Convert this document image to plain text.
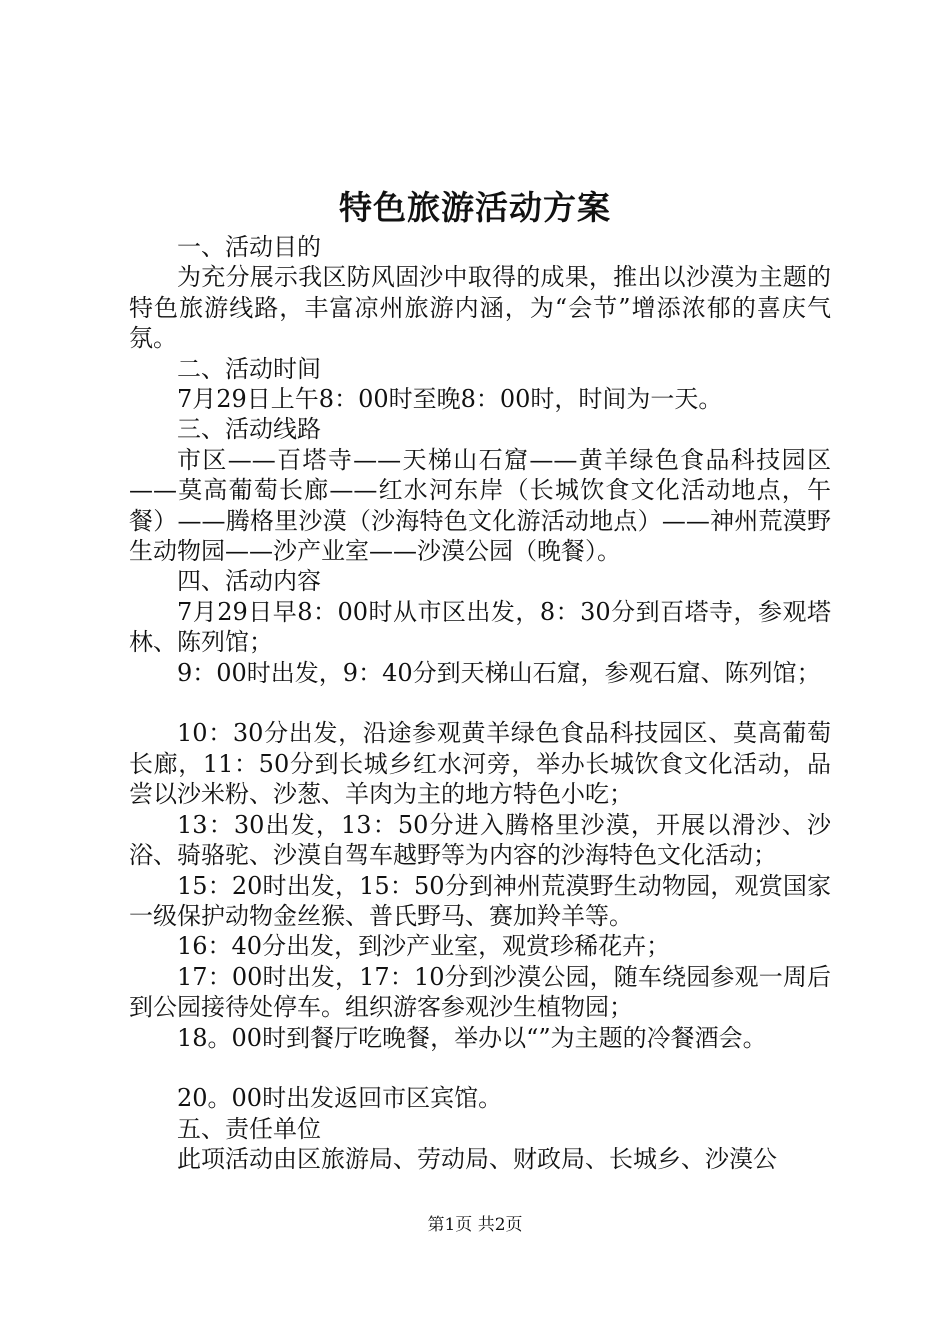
特色旅游活动方案

一、活动目的

为充分展示我区防风固沙中取得的成果，推出以沙漠为主题的特色旅游线路，丰富凉州旅游内涵，为“会节”增添浓郁的喜庆气氛。

二、活动时间

7月29日上午8：00时至晚8：00时，时间为一天。

三、活动线路

市区——百塔寺——天梯山石窟——黄羊绿色食品科技园区——莫高葡萄长廊——红水河东岸（长城饮食文化活动地点，午餐）——腾格里沙漠（沙海特色文化游活动地点）——神州荒漠野生动物园——沙产业室——沙漠公园（晚餐）。

四、活动内容

7月29日早8：00时从市区出发，8：30分到百塔寺，参观塔林、陈列馆；

9：00时出发，9：40分到天梯山石窟，参观石窟、陈列馆；

10：30分出发，沿途参观黄羊绿色食品科技园区、莫高葡萄长廊，11：50分到长城乡红水河旁，举办长城饮食文化活动，品尝以沙米粉、沙葱、羊肉为主的地方特色小吃；

13：30出发，13：50分进入腾格里沙漠，开展以滑沙、沙浴、骑骆驼、沙漠自驾车越野等为内容的沙海特色文化活动；

15：20时出发，15：50分到神州荒漠野生动物园，观赏国家一级保护动物金丝猴、普氏野马、赛加羚羊等。

16：40分出发，到沙产业室，观赏珍稀花卉；

17：00时出发，17：10分到沙漠公园，随车绕园参观一周后到公园接待处停车。组织游客参观沙生植物园；

18。00时到餐厅吃晚餐，举办以“”为主题的冷餐酒会。

20。00时出发返回市区宾馆。

五、责任单位

此项活动由区旅游局、劳动局、财政局、长城乡、沙漠公

第1页 共2页
